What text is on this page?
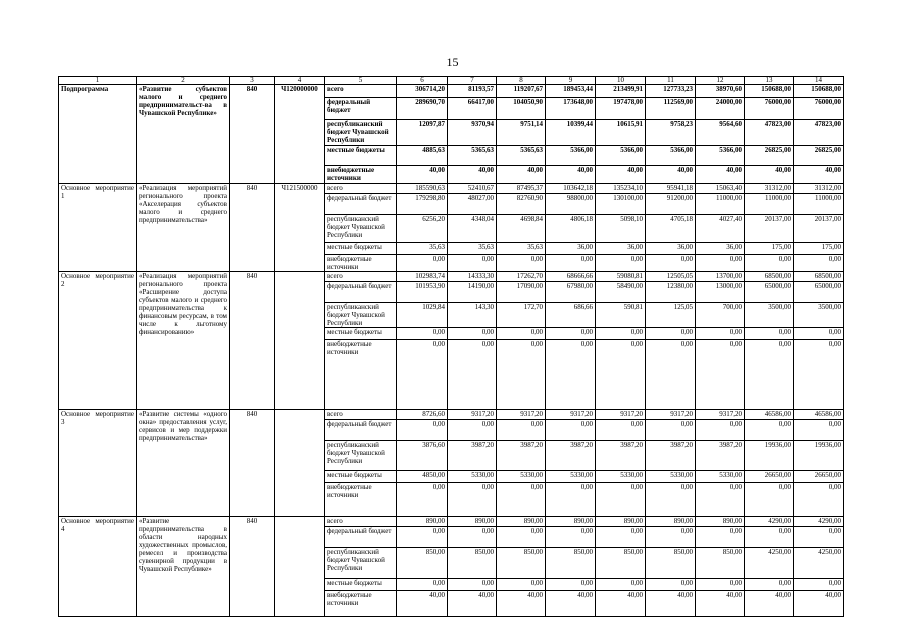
15
1	2	3	4	5	6	7	8	9	10	11	12	13	14
Подпрограмма	«Развитие субъектов малого и среднего предпринимательст-ва в Чувашской Республике»	840	Ч120000000	всего	306714,20	81193,57	119207,67	189453,44	213499,91	127733,23	38970,60	150688,00	150688,00
				федеральный бюджет	289690,70	66417,00	104050,90	173648,00	197478,00	112569,00	24000,00	76000,00	76000,00
				республиканский бюджет Чувашской Республики	12097,87	9370,94	9751,14	10399,44	10615,91	9758,23	9564,60	47823,00	47823,00
				местные бюджеты	4885,63	5365,63	5365,63	5366,00	5366,00	5366,00	5366,00	26825,00	26825,00
				внебюджетные источники	40,00	40,00	40,00	40,00	40,00	40,00	40,00	40,00	40,00
Основное мероприятие 1	«Реализация мероприятий регионального проекта «Акселерация субъектов малого и среднего предпринимательства»	840	Ч121500000	всего	185590,63	52410,67	87495,37	103642,18	135234,10	95941,18	15063,40	31312,00	31312,00
				федеральный бюджет	179298,80	48027,00	82760,90	98800,00	130100,00	91200,00	11000,00	11000,00	11000,00
				республиканский бюджет Чувашской Республики	6256,20	4348,04	4698,84	4806,18	5098,10	4705,18	4027,40	20137,00	20137,00
				местные бюджеты	35,63	35,63	35,63	36,00	36,00	36,00	36,00	175,00	175,00
				внебюджетные источники	0,00	0,00	0,00	0,00	0,00	0,00	0,00	0,00	0,00
Основное мероприятие 2	«Реализация мероприятий регионального проекта «Расширение доступа субъектов малого и среднего предпринимательства к финансовым ресурсам, в том числе к льготному финансированию»	840		всего	102983,74	14333,30	17262,70	68666,66	59080,81	12505,05	13700,00	68500,00	68500,00
				федеральный бюджет	101953,90	14190,00	17090,00	67980,00	58490,00	12380,00	13000,00	65000,00	65000,00
				республиканский бюджет Чувашской Республики	1029,84	143,30	172,70	686,66	590,81	125,05	700,00	3500,00	3500,00
				местные бюджеты	0,00	0,00	0,00	0,00	0,00	0,00	0,00	0,00	0,00
				внебюджетные источники	0,00	0,00	0,00	0,00	0,00	0,00	0,00	0,00	0,00
Основное мероприятие 3	«Развитие системы «одного окна» предоставления услуг, сервисов и мер поддержки предпринимательства»	840		всего	8726,60	9317,20	9317,20	9317,20	9317,20	9317,20	9317,20	46586,00	46586,00
				федеральный бюджет	0,00	0,00	0,00	0,00	0,00	0,00	0,00	0,00	0,00
				республиканский бюджет Чувашской Республики	3876,60	3987,20	3987,20	3987,20	3987,20	3987,20	3987,20	19936,00	19936,00
				местные бюджеты	4850,00	5330,00	5330,00	5330,00	5330,00	5330,00	5330,00	26650,00	26650,00
				внебюджетные источники	0,00	0,00	0,00	0,00	0,00	0,00	0,00	0,00	0,00
Основное мероприятие 4	«Развитие предпринимательства в области народных художественных промыслов, ремесел и производства сувенирной продукции в Чувашской Республике»	840		всего	890,00	890,00	890,00	890,00	890,00	890,00	890,00	4290,00	4290,00
				федеральный бюджет	0,00	0,00	0,00	0,00	0,00	0,00	0,00	0,00	0,00
				республиканский бюджет Чувашской Республики	850,00	850,00	850,00	850,00	850,00	850,00	850,00	4250,00	4250,00
				местные бюджеты	0,00	0,00	0,00	0,00	0,00	0,00	0,00	0,00	0,00
				внебюджетные источники	40,00	40,00	40,00	40,00	40,00	40,00	40,00	40,00	40,00
